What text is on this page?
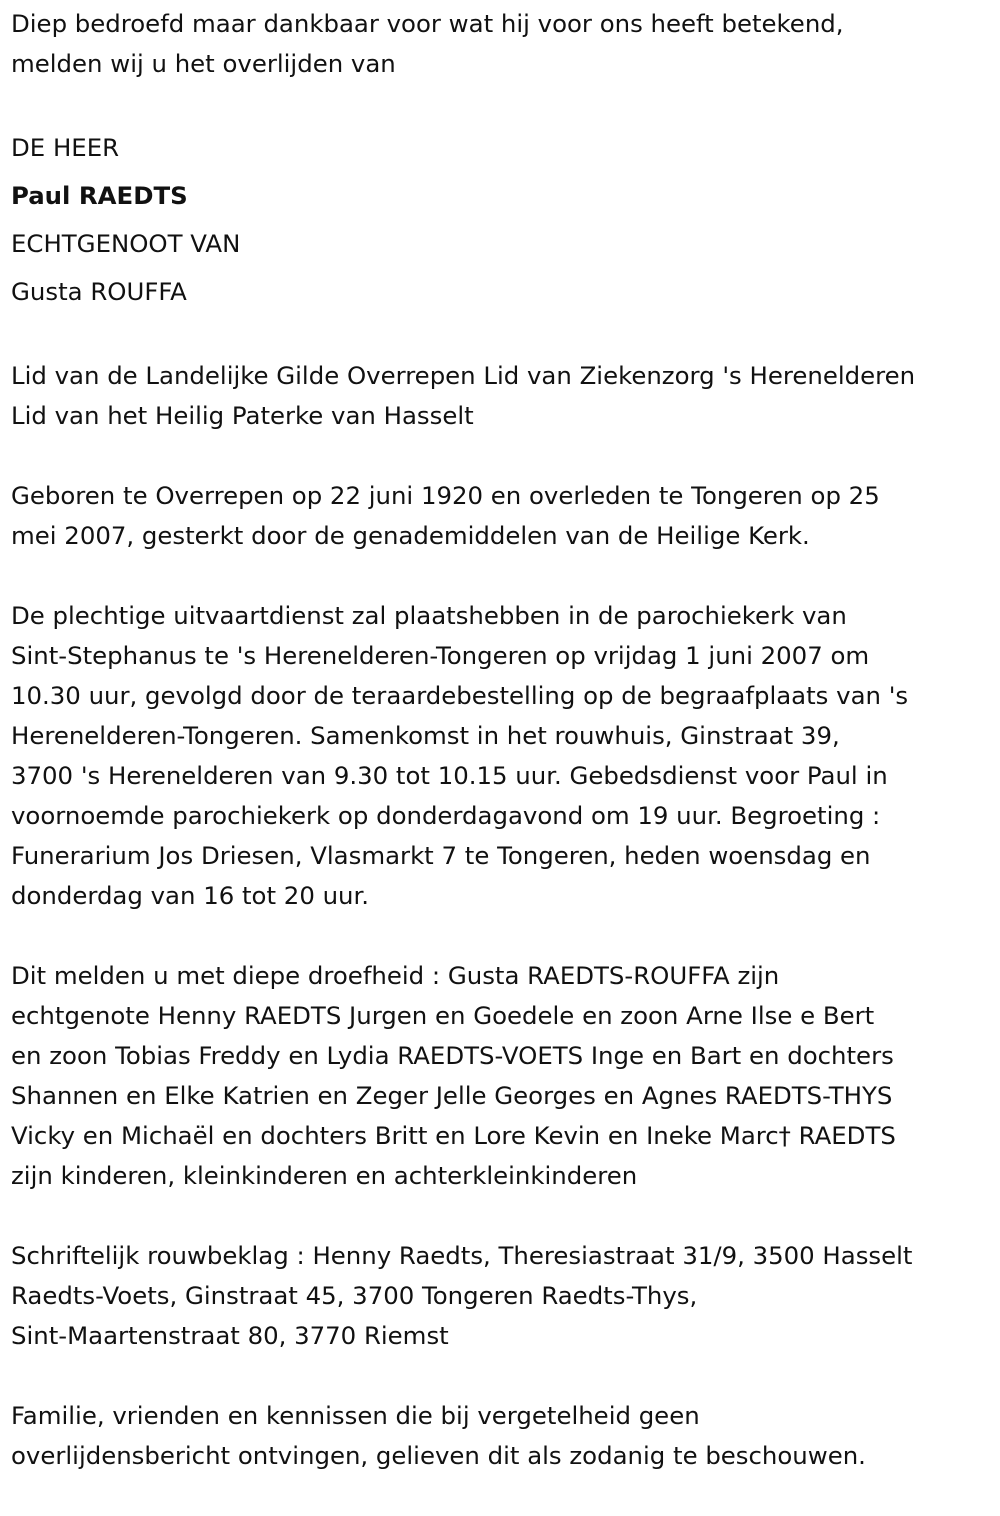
Diep bedroefd maar dankbaar voor wat hij voor ons heeft betekend,
melden wij u het overlijden van
DE HEER
Paul RAEDTS
ECHTGENOOT VAN
Gusta ROUFFA
Lid van de Landelijke Gilde Overrepen Lid van Ziekenzorg 's Herenelderen
Lid van het Heilig Paterke van Hasselt
Geboren te Overrepen op 22 juni 1920 en overleden te Tongeren op 25
mei 2007, gesterkt door de genademiddelen van de Heilige Kerk.
De plechtige uitvaartdienst zal plaatshebben in de parochiekerk van
Sint-Stephanus te 's Herenelderen-Tongeren op vrijdag 1 juni 2007 om
10.30 uur, gevolgd door de teraardebestelling op de begraafplaats van 's
Herenelderen-Tongeren. Samenkomst in het rouwhuis, Ginstraat 39,
3700 's Herenelderen van 9.30 tot 10.15 uur. Gebedsdienst voor Paul in
voornoemde parochiekerk op donderdagavond om 19 uur. Begroeting :
Funerarium Jos Driesen, Vlasmarkt 7 te Tongeren, heden woensdag en
donderdag van 16 tot 20 uur.
Dit melden u met diepe droefheid : Gusta RAEDTS-ROUFFA zijn
echtgenote Henny RAEDTS Jurgen en Goedele en zoon Arne Ilse e Bert
en zoon Tobias Freddy en Lydia RAEDTS-VOETS Inge en Bart en dochters
Shannen en Elke Katrien en Zeger Jelle Georges en Agnes RAEDTS-THYS
Vicky en Michaël en dochters Britt en Lore Kevin en Ineke Marc† RAEDTS
zijn kinderen, kleinkinderen en achterkleinkinderen
Schriftelijk rouwbeklag : Henny Raedts, Theresiastraat 31/9, 3500 Hasselt
Raedts-Voets, Ginstraat 45, 3700 Tongeren Raedts-Thys,
Sint-Maartenstraat 80, 3770 Riemst
Familie, vrienden en kennissen die bij vergetelheid geen
overlijdensbericht ontvingen, gelieven dit als zodanig te beschouwen.
